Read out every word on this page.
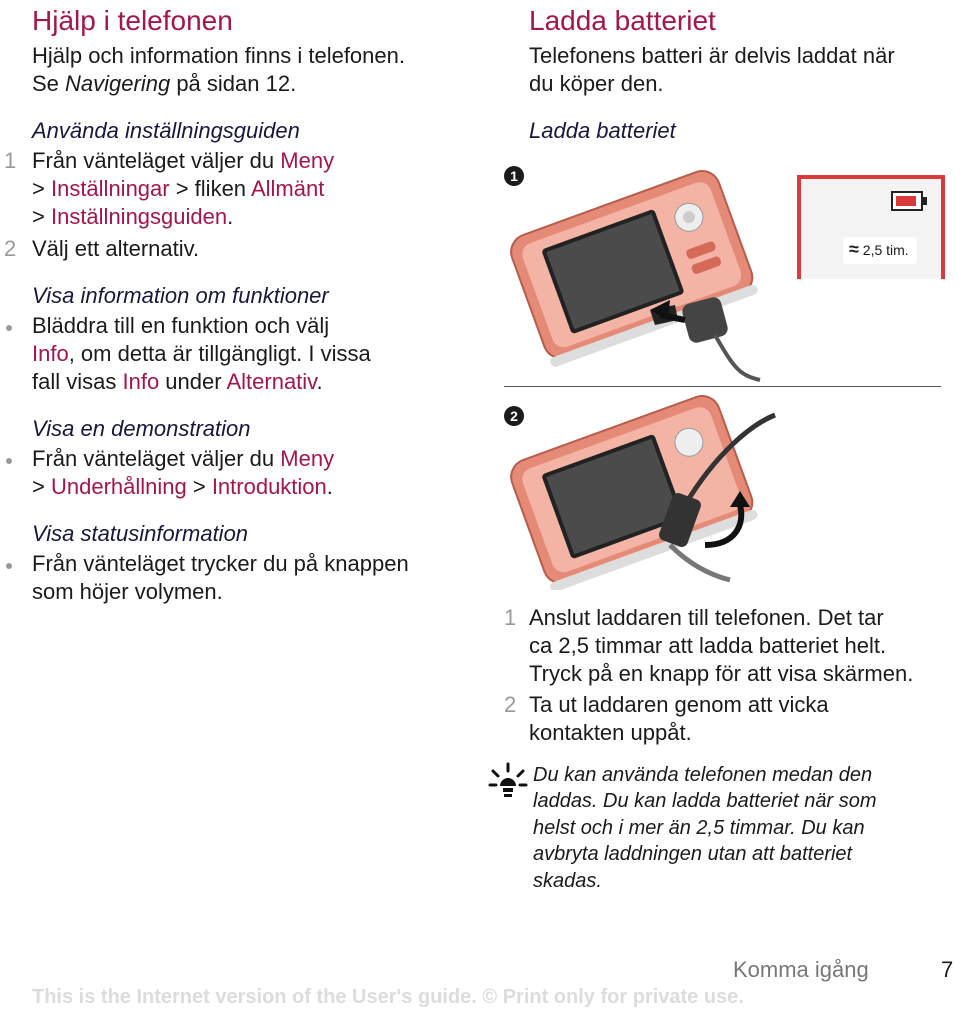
Hjälp i telefonen
Hjälp och information finns i telefonen.
Se Navigering på sidan 12.
Använda inställningsguiden
1 Från vänteläget väljer du Meny
> Inställningar > fliken Allmänt
> Inställningsguiden.
2 Välj ett alternativ.
Visa information om funktioner
Bläddra till en funktion och välj
Info, om detta är tillgängligt. I vissa
fall visas Info under Alternativ.
Visa en demonstration
Från vänteläget väljer du Meny
> Underhållning > Introduktion.
Visa statusinformation
Från vänteläget trycker du på knappen
som höjer volymen.
Ladda batteriet
Telefonens batteri är delvis laddat när
du köper den.
Ladda batteriet
1
≈ 2,5 tim.
2
1 Anslut laddaren till telefonen. Det tar
ca 2,5 timmar att ladda batteriet helt.
Tryck på en knapp för att visa skärmen.
2 Ta ut laddaren genom att vicka
kontakten uppåt.
Du kan använda telefonen medan den
laddas. Du kan ladda batteriet när som
helst och i mer än 2,5 timmar. Du kan
avbryta laddningen utan att batteriet
skadas.
Komma igång	7
This is the Internet version of the User's guide. © Print only for private use.
